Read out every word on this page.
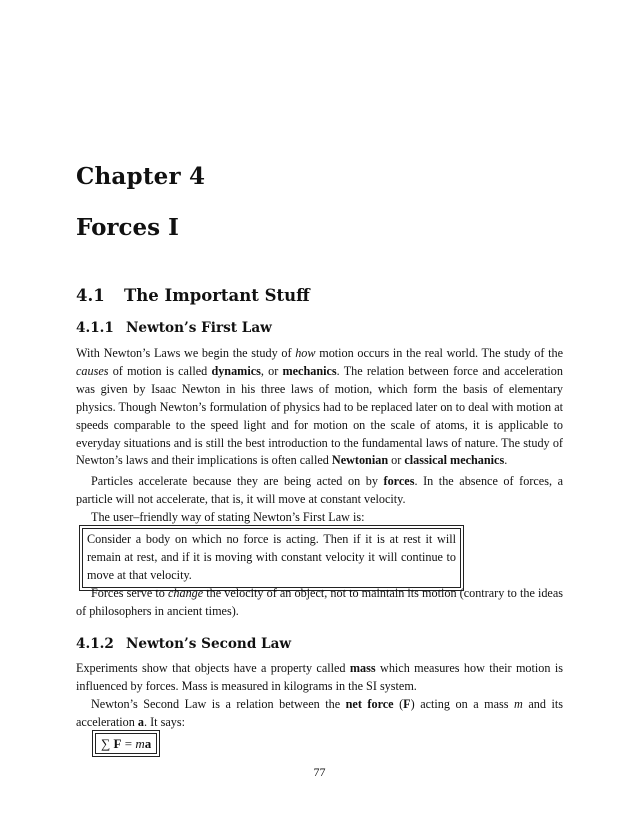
Chapter 4
Forces I
4.1 The Important Stuff
4.1.1 Newton’s First Law

With Newton’s Laws we begin the study of how motion occurs in the real world. The study of the causes of motion is called dynamics, or mechanics. The relation between force and acceleration was given by Isaac Newton in his three laws of motion, which form the basis of elementary physics. Though Newton’s formulation of physics had to be replaced later on to deal with motion at speeds comparable to the speed light and for motion on the scale of atoms, it is applicable to everyday situations and is still the best introduction to the fundamental laws of nature. The study of Newton’s laws and their implications is often called Newtonian or classical mechanics.

Particles accelerate because they are being acted on by forces. In the absence of forces, a particle will not accelerate, that is, it will move at constant velocity.

The user–friendly way of stating Newton’s First Law is:

Consider a body on which no force is acting. Then if it is at rest it will remain at rest, and if it is moving with constant velocity it will continue to move at that velocity.

Forces serve to change the velocity of an object, not to maintain its motion (contrary to the ideas of philosophers in ancient times).

4.1.2 Newton’s Second Law

Experiments show that objects have a property called mass which measures how their motion is influenced by forces. Mass is measured in kilograms in the SI system.

Newton’s Second Law is a relation between the net force (F) acting on a mass m and its acceleration a. It says:

∑ F = ma
77
